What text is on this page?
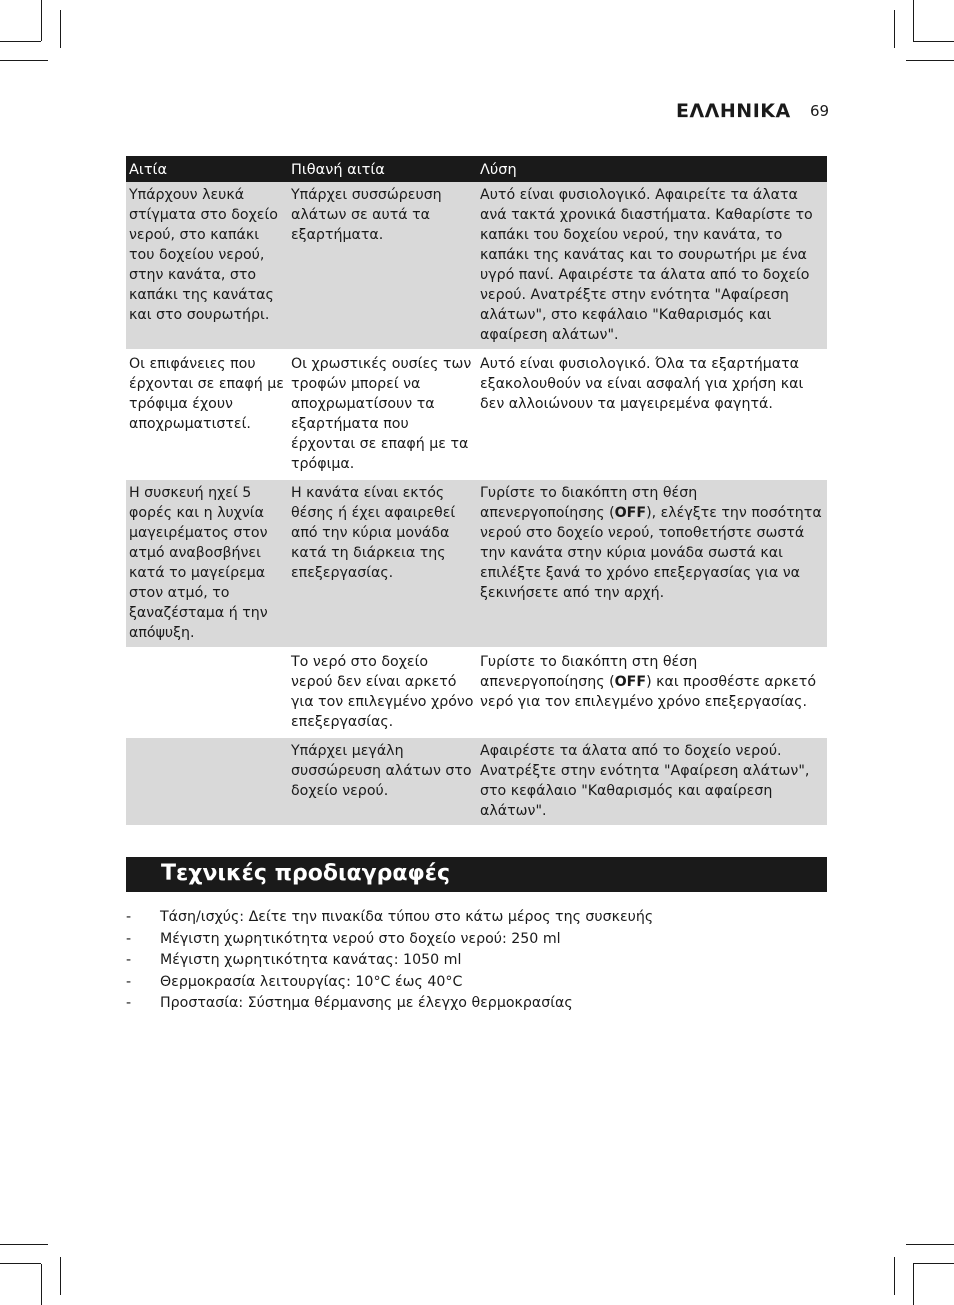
ΕΛΛΗΝΙΚΑ 69
Αιτία	Πιθανή αιτία	Λύση
Υπάρχουν λευκά στίγματα στο δοχείο νερού, στο καπάκι του δοχείου νερού, στην κανάτα, στο καπάκι της κανάτας και στο σουρωτήρι.	Υπάρχει συσσώρευση αλάτων σε αυτά τα εξαρτήματα.	Αυτό είναι φυσιολογικό. Αφαιρείτε τα άλατα ανά τακτά χρονικά διαστήματα. Καθαρίστε το καπάκι του δοχείου νερού, την κανάτα, το καπάκι της κανάτας και το σουρωτήρι με ένα υγρό πανί. Αφαιρέστε τα άλατα από το δοχείο νερού. Ανατρέξτε στην ενότητα "Αφαίρεση αλάτων", στο κεφάλαιο "Καθαρισμός και αφαίρεση αλάτων".
Οι επιφάνειες που έρχονται σε επαφή με τρόφιμα έχουν αποχρωματιστεί.	Οι χρωστικές ουσίες των τροφών μπορεί να αποχρωματίσουν τα εξαρτήματα που έρχονται σε επαφή με τα τρόφιμα.	Αυτό είναι φυσιολογικό. Όλα τα εξαρτήματα εξακολουθούν να είναι ασφαλή για χρήση και δεν αλλοιώνουν τα μαγειρεμένα φαγητά.
Η συσκευή ηχεί 5 φορές και η λυχνία μαγειρέματος στον ατμό αναβοσβήνει κατά το μαγείρεμα στον ατμό, το ξαναζέσταμα ή την απόψυξη.	Η κανάτα είναι εκτός θέσης ή έχει αφαιρεθεί από την κύρια μονάδα κατά τη διάρκεια της επεξεργασίας.	Γυρίστε το διακόπτη στη θέση απενεργοποίησης (OFF), ελέγξτε την ποσότητα νερού στο δοχείο νερού, τοποθετήστε σωστά την κανάτα στην κύρια μονάδα σωστά και επιλέξτε ξανά το χρόνο επεξεργασίας για να ξεκινήσετε από την αρχή.
	Το νερό στο δοχείο νερού δεν είναι αρκετό για τον επιλεγμένο χρόνο επεξεργασίας.	Γυρίστε το διακόπτη στη θέση απενεργοποίησης (OFF) και προσθέστε αρκετό νερό για τον επιλεγμένο χρόνο επεξεργασίας.
	Υπάρχει μεγάλη συσσώρευση αλάτων στο δοχείο νερού.	Αφαιρέστε τα άλατα από το δοχείο νερού. Ανατρέξτε στην ενότητα "Αφαίρεση αλάτων", στο κεφάλαιο "Καθαρισμός και αφαίρεση αλάτων".
Τεχνικές προδιαγραφές
- Τάση/ισχύς: Δείτε την πινακίδα τύπου στο κάτω μέρος της συσκευής
- Μέγιστη χωρητικότητα νερού στο δοχείο νερού: 250 ml
- Μέγιστη χωρητικότητα κανάτας: 1050 ml
- Θερμοκρασία λειτουργίας: 10°C έως 40°C
- Προστασία: Σύστημα θέρμανσης με έλεγχο θερμοκρασίας
